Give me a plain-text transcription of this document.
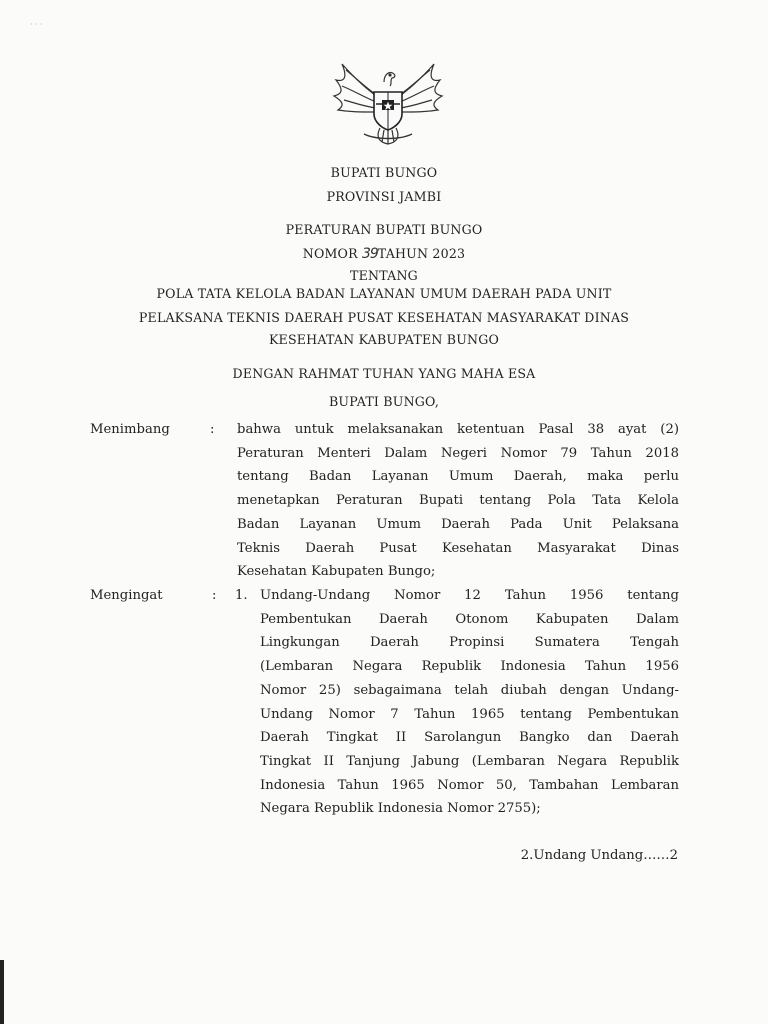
· · ·
BUPATI BUNGO
PROVINSI JAMBI
PERATURAN BUPATI BUNGO
NOMOR 39TAHUN 2023
TENTANG
POLA TATA KELOLA BADAN LAYANAN UMUM DAERAH PADA UNIT
PELAKSANA TEKNIS DAERAH PUSAT KESEHATAN MASYARAKAT DINAS
KESEHATAN KABUPATEN BUNGO
DENGAN RAHMAT TUHAN YANG MAHA ESA
BUPATI BUNGO,
Menimbang	: bahwa untuk melaksanakan ketentuan Pasal 38 ayat (2)
Peraturan Menteri Dalam Negeri Nomor 79 Tahun 2018
tentang Badan Layanan Umum Daerah, maka perlu
menetapkan Peraturan Bupati tentang Pola Tata Kelola
Badan Layanan Umum Daerah Pada Unit Pelaksana
Teknis Daerah Pusat Kesehatan Masyarakat Dinas
Kesehatan Kabupaten Bungo;
Mengingat	: 1. Undang-Undang Nomor 12 Tahun 1956 tentang
Pembentukan Daerah Otonom Kabupaten Dalam
Lingkungan Daerah Propinsi Sumatera Tengah
(Lembaran Negara Republik Indonesia Tahun 1956
Nomor 25) sebagaimana telah diubah dengan Undang-
Undang Nomor 7 Tahun 1965 tentang Pembentukan
Daerah Tingkat II Sarolangun Bangko dan Daerah
Tingkat II Tanjung Jabung (Lembaran Negara Republik
Indonesia Tahun 1965 Nomor 50, Tambahan Lembaran
Negara Republik Indonesia Nomor 2755);
2.Undang Undang……2
